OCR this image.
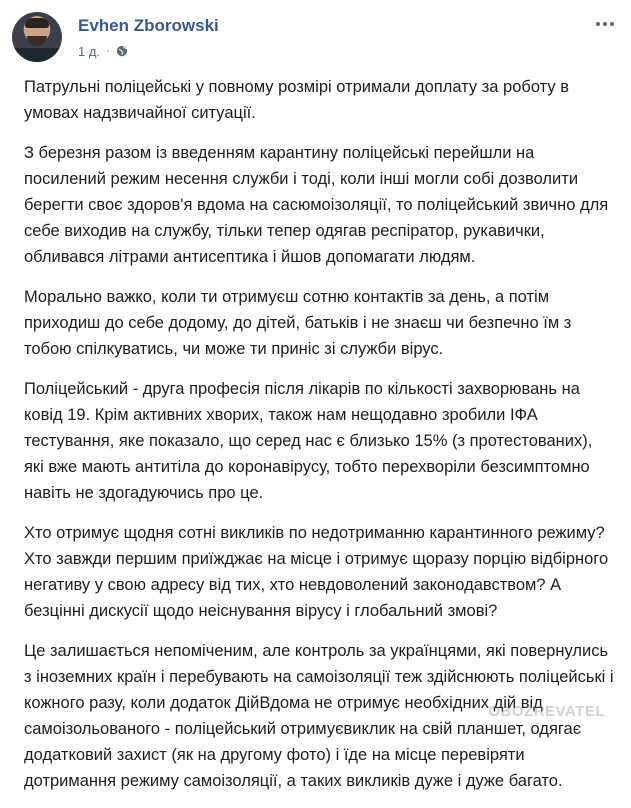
Evhen Zborowski
1 д. ·

Патрульні поліцейські у повному розмірі отримали доплату за роботу в умовах надзвичайної ситуації.

З березня разом із введенням карантину поліцейські перейшли на посилений режим несення служби і тоді, коли інші могли собі дозволити берегти своє здоров'я вдома на сасюмоізоляції, то поліцейський звично для себе виходив на службу, тільки тепер одягав респіратор, рукавички, обливався літрами антисептика і йшов допомагати людям.

Морально важко, коли ти отримуєш сотню контактів за день, а потім приходиш до себе додому, до дітей, батьків і не знаєш чи безпечно їм з тобою спілкуватись, чи може ти приніс зі служби вірус.

Поліцейський - друга професія після лікарів по кількості захворювань на ковід 19. Крім активних хворих, також нам нещодавно зробили ІФА тестування, яке показало, що серед нас є близько 15% (з протестованих), які вже мають антитіла до коронавірусу, тобто перехворіли безсимптомно навіть не здогадуючись про це.

Хто отримує щодня сотні викликів по недотриманню карантинного режиму? Хто завжди першим приїжджає на місце і отримує щоразу порцію відбірного негативу у свою адресу від тих, хто невдоволений законодавством? А безцінні дискусії щодо неіснування вірусу і глобальний змові?

Це залишається непоміченим, але контроль за українцями, які повернулись з іноземних країн і перебувають на самоізоляції теж здійснюють поліцейські і кожного разу, коли додаток ДійВдома не отримує необхідних дій від самоізольованого - поліцейський отримуєвиклик на свій планшет, одягає додатковий захист (як на другому фото) і їде на місце перевіряти дотримання режиму самоізоляції, а таких викликів дуже і дуже багато.

OBOZREVATEL
